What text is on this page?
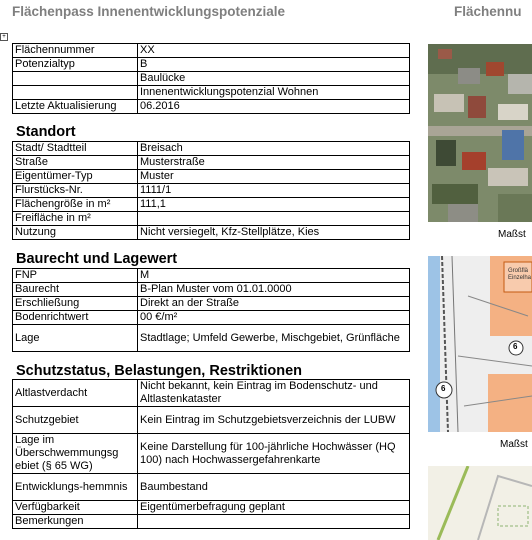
Flächenpass Innenentwicklungspotenziale	Flächennu
+
Flächennummer	XX
Potenzialtyp	B
	Baulücke
	Innenentwicklungspotenzial Wohnen
Letzte Aktualisierung	06.2016
Standort
Stadt/ Stadtteil	Breisach
Straße	Musterstraße
Eigentümer-Typ	Muster
Flurstücks-Nr.	1111/1
Flächengröße in m²	111,1
Freifläche in m²	
Nutzung	Nicht versiegelt, Kfz-Stellplätze, Kies
Baurecht und Lagewert
FNP	M
Baurecht	B-Plan Muster vom 01.01.0000
Erschließung	Direkt an der Straße
Bodenrichtwert	00 €/m²
Lage	Stadtlage; Umfeld Gewerbe, Mischgebiet, Grünfläche
Schutzstatus, Belastungen, Restriktionen
Altlastverdacht	Nicht bekannt, kein Eintrag im Bodenschutz- und Altlastenkataster
Schutzgebiet	Kein Eintrag im Schutzgebietsverzeichnis der LUBW
Lage im Überschwemmungsg ebiet (§ 65 WG)	Keine Darstellung für 100-jährliche Hochwässer (HQ 100) nach Hochwassergefahrenkarte
Entwicklungs-hemmnis	Baumbestand
Verfügbarkeit	Eigentümerbefragung geplant
Bemerkungen	
Maßst
Großflä Einzelha
6
6
Maßst
